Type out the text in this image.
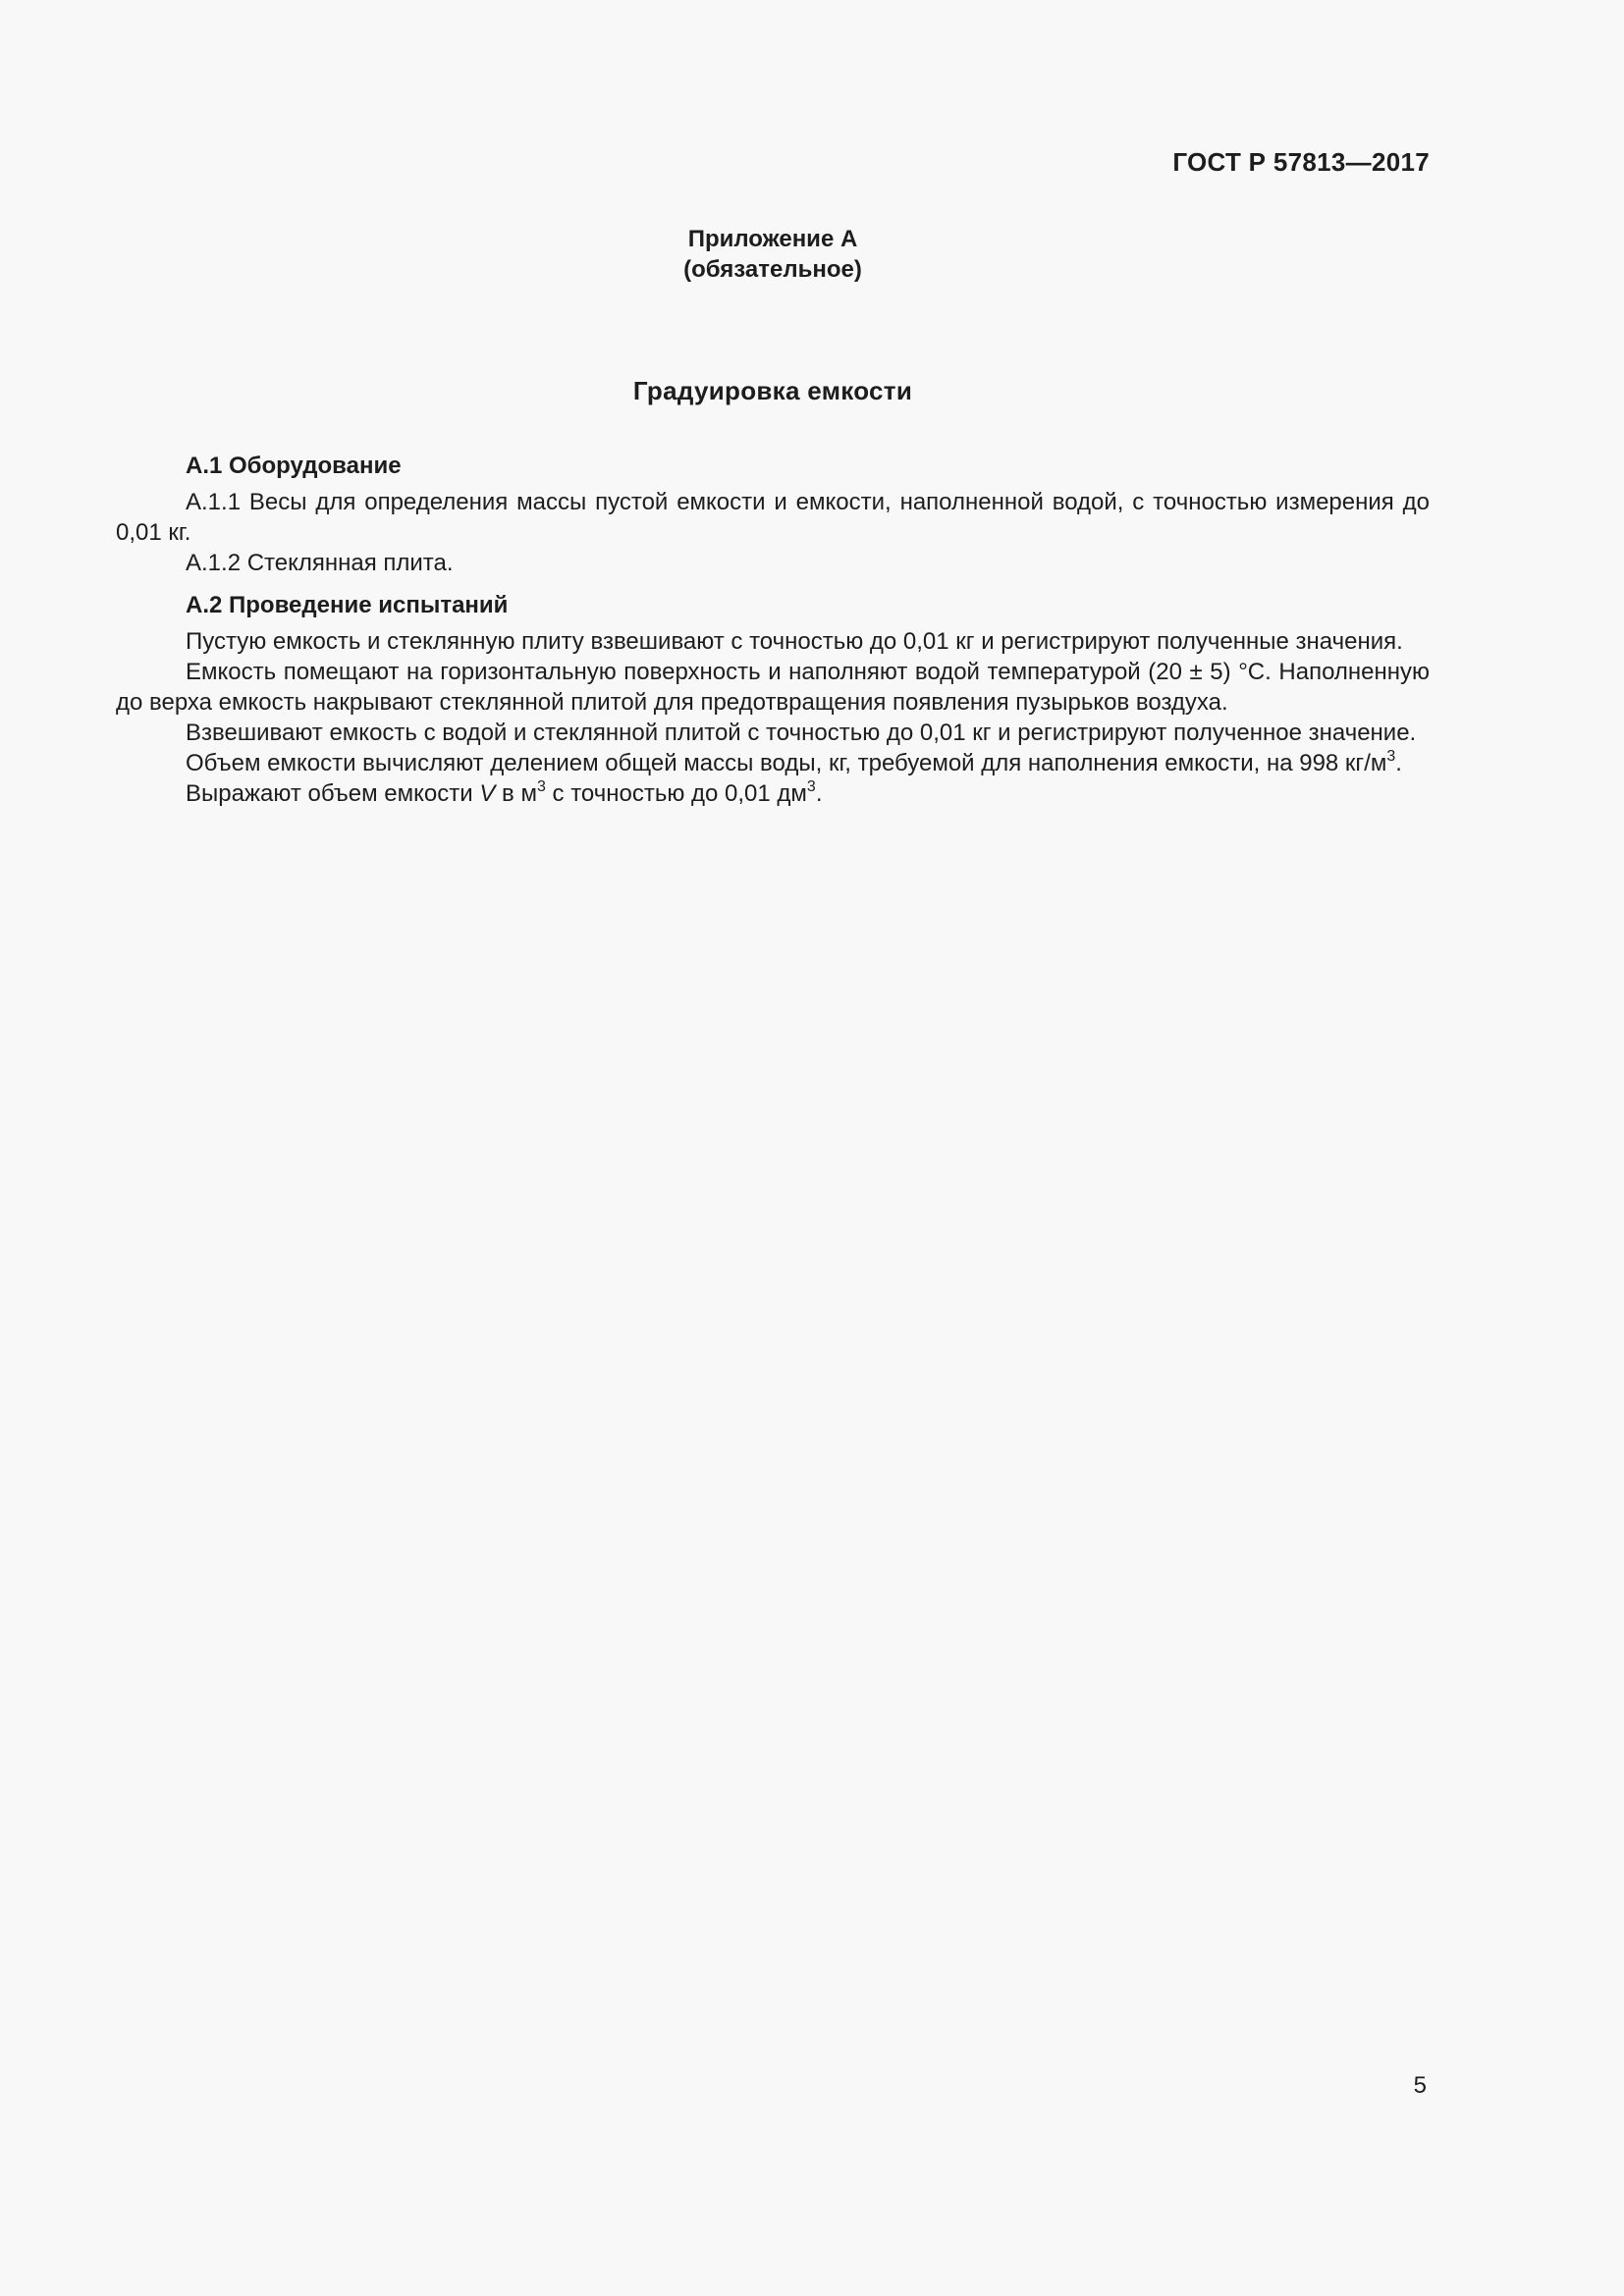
ГОСТ Р 57813—2017
Приложение А
(обязательное)
Градуировка емкости

А.1 Оборудование

А.1.1 Весы для определения массы пустой емкости и емкости, наполненной водой, с точностью измерения до 0,01 кг.

А.1.2 Стеклянная плита.

А.2 Проведение испытаний

Пустую емкость и стеклянную плиту взвешивают с точностью до 0,01 кг и регистрируют полученные значения.

Емкость помещают на горизонтальную поверхность и наполняют водой температурой (20 ± 5) °С. Наполненную до верха емкость накрывают стеклянной плитой для предотвращения появления пузырьков воздуха.

Взвешивают емкость с водой и стеклянной плитой с точностью до 0,01 кг и регистрируют полученное значение.

Объем емкости вычисляют делением общей массы воды, кг, требуемой для наполнения емкости, на 998 $кг/м^3$.

Выражают объем емкости V в $м^3$ с точностью до 0,01 $дм^3$.

5
